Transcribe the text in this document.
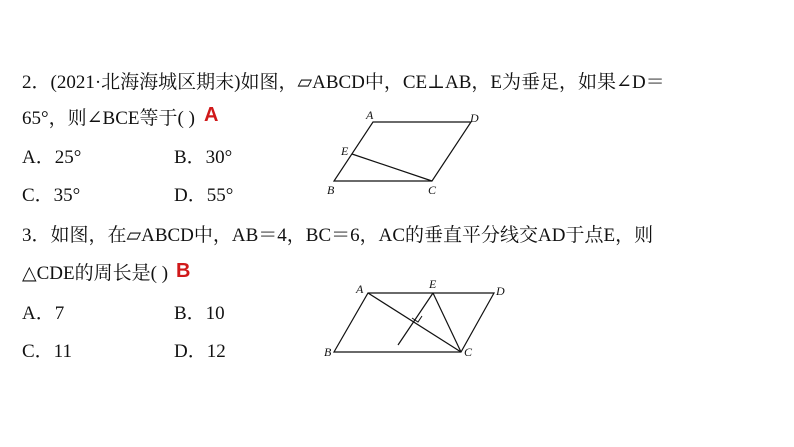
2．(2021·北海海城区期末)如图，▱ABCD中，CE⊥AB，E为垂足，如果∠D＝
65°，则∠BCE等于( ) A
A．25°	B．30°
C．35°	D．55°
A	D
E
B	C
3．如图，在▱ABCD中，AB＝4，BC＝6，AC的垂直平分线交AD于点E，则
△CDE的周长是( ) B
A．7	B．10
C．11	D．12
A	E	D
B	C
